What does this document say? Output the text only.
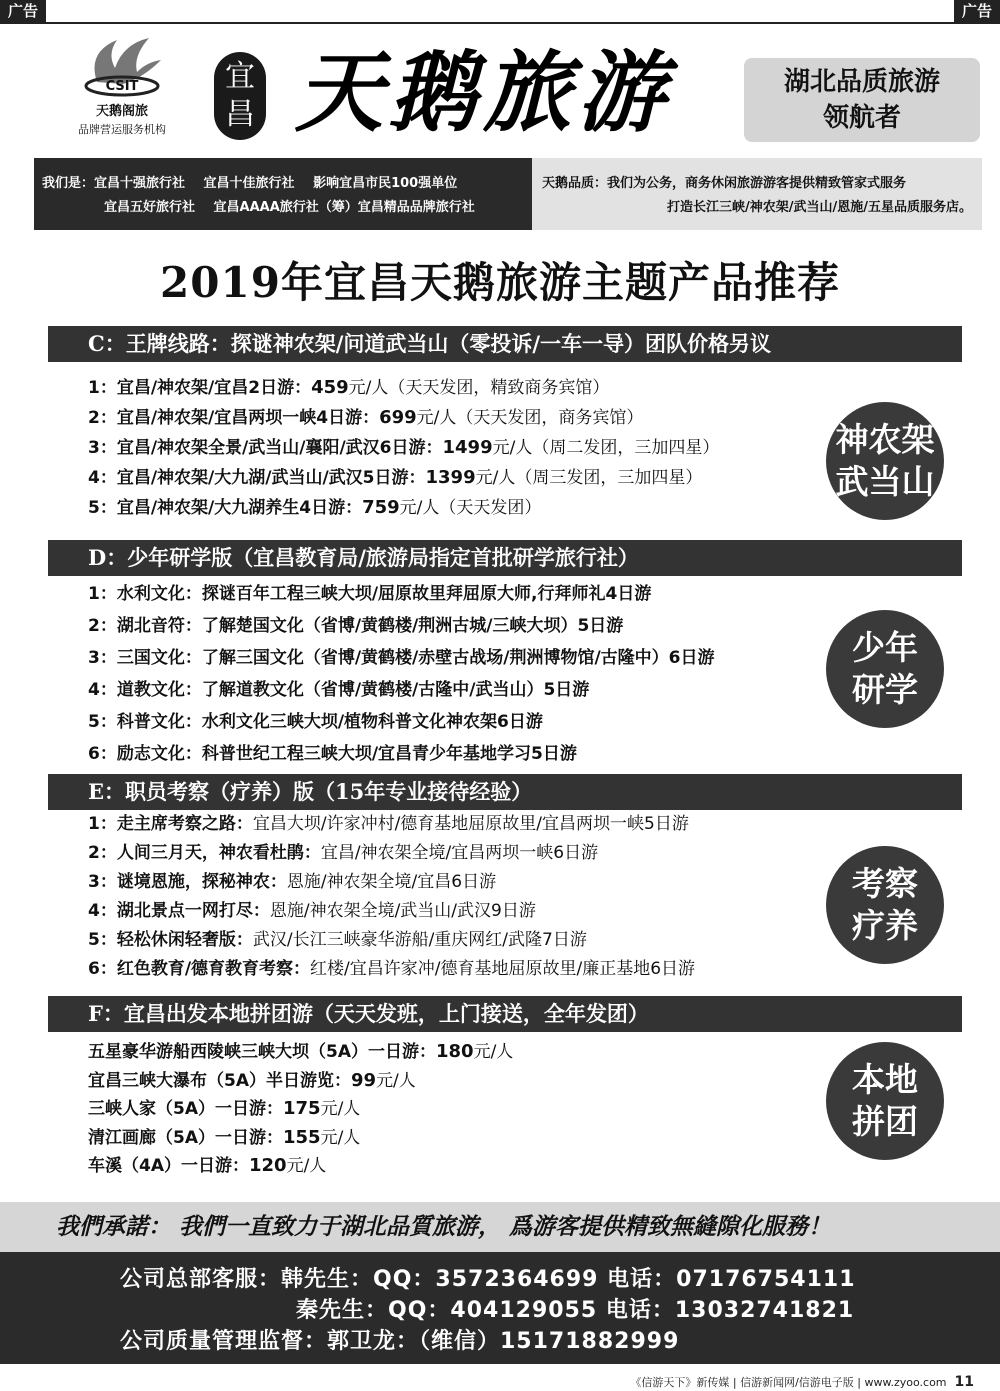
广告	广告
CSIT
天鹅阁旅
品牌营运服务机构
宜
昌 天鹅旅游	湖北品质旅游
领航者
我们是：宜昌十强旅行社 宜昌十佳旅行社 影响宜昌市民100强单位
宜昌五好旅行社 宜昌AAAA旅行社（筹）宜昌精品品牌旅行社
天鹅品质：我们为公务，商务休闲旅游游客提供精致管家式服务
打造长江三峡/神农架/武当山/恩施/五星品质服务店。
2019年宜昌天鹅旅游主题产品推荐
C：王牌线路：探谜神农架/问道武当山（零投诉/一车一导）团队价格另议
1：宜昌/神农架/宜昌2日游：459元/人（天天发团，精致商务宾馆）
2：宜昌/神农架/宜昌两坝一峡4日游：699元/人（天天发团，商务宾馆）
3：宜昌/神农架全景/武当山/襄阳/武汉6日游：1499元/人（周二发团，三加四星）
4：宜昌/神农架/大九湖/武当山/武汉5日游：1399元/人（周三发团，三加四星）
5：宜昌/神农架/大九湖养生4日游：759元/人（天天发团）
神农架
武当山
D：少年研学版（宜昌教育局/旅游局指定首批研学旅行社）
1：水利文化：探谜百年工程三峡大坝/屈原故里拜屈原大师,行拜师礼4日游
2：湖北音符：了解楚国文化（省博/黄鹤楼/荆洲古城/三峡大坝）5日游
3：三国文化：了解三国文化（省博/黄鹤楼/赤壁古战场/荆洲博物馆/古隆中）6日游
4：道教文化：了解道教文化（省博/黄鹤楼/古隆中/武当山）5日游
5：科普文化：水利文化三峡大坝/植物科普文化神农架6日游
6：励志文化：科普世纪工程三峡大坝/宜昌青少年基地学习5日游
少年
研学
E：职员考察（疗养）版（15年专业接待经验）
1：走主席考察之路：宜昌大坝/许家冲村/德育基地屈原故里/宜昌两坝一峡5日游
2：人间三月天，神农看杜鹃：宜昌/神农架全境/宜昌两坝一峡6日游
3：谜境恩施，探秘神农：恩施/神农架全境/宜昌6日游
4：湖北景点一网打尽：恩施/神农架全境/武当山/武汉9日游
5：轻松休闲轻奢版：武汉/长江三峡豪华游船/重庆网红/武隆7日游
6：红色教育/德育教育考察：红楼/宜昌许家冲/德育基地屈原故里/廉正基地6日游
考察
疗养
F：宜昌出发本地拼团游（天天发班，上门接送，全年发团）
五星豪华游船西陵峡三峡大坝（5A）一日游：180元/人
宜昌三峡大瀑布（5A）半日游览：99元/人
三峡人家（5A）一日游：175元/人
清江画廊（5A）一日游：155元/人
车溪（4A）一日游：120元/人
本地
拼团
我們承諾： 我們一直致力于湖北品質旅游， 爲游客提供精致無縫隙化服務！
公司总部客服：韩先生：QQ：3572364699 电话：07176754111
秦先生：QQ：404129055 电话：13032741821
公司质量管理监督：郭卫龙：（维信）15171882999
《信游天下》新传媒 | 信游新闻网/信游电子版 | www.zyoo.com 11
